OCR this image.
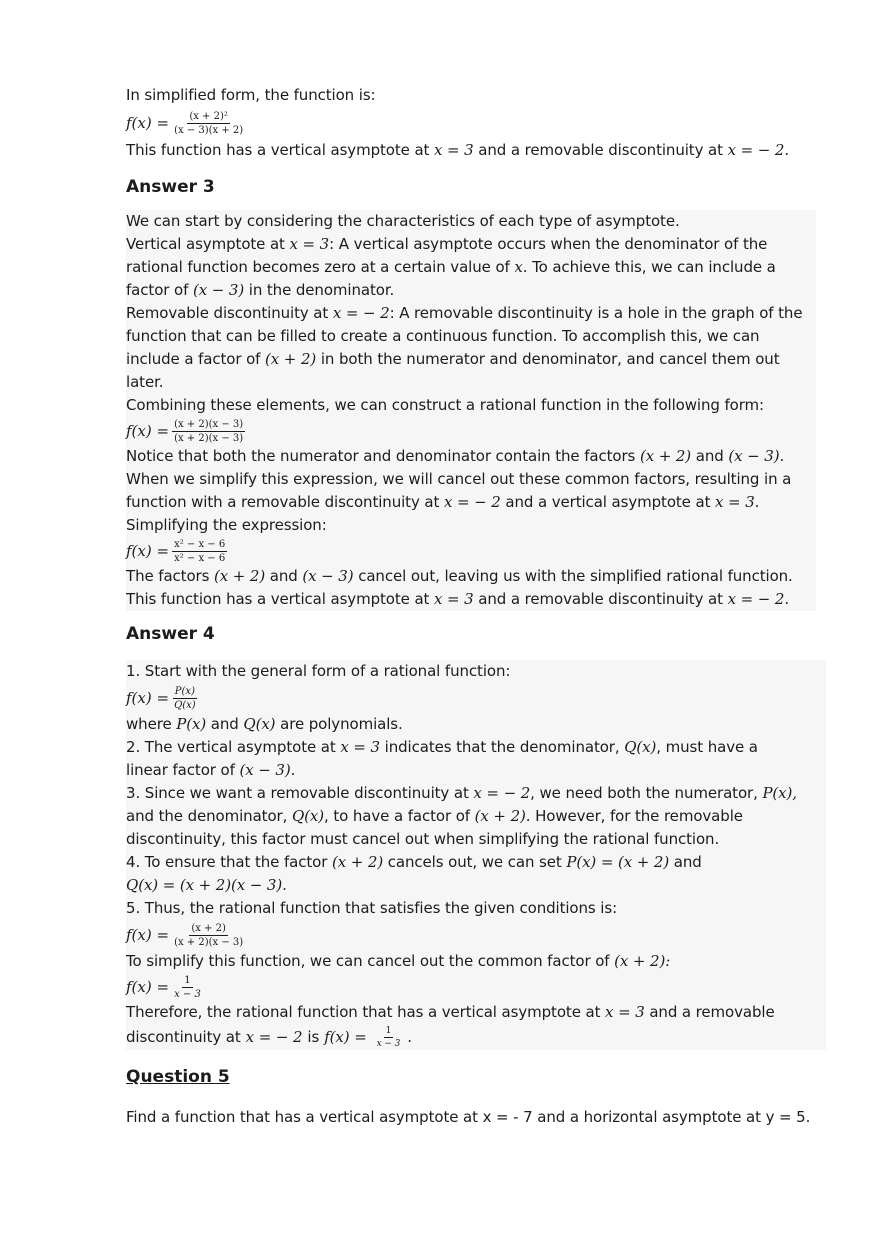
In simplified form, the function is:
$f(x) = \frac{\text{(x + 2)²}}{(x - 3)(x + 2)}$
This function has a vertical asymptote at x = 3 and a removable discontinuity at x = − 2.
Answer 3
We can start by considering the characteristics of each type of asymptote.
Vertical asymptote at x = 3: A vertical asymptote occurs when the denominator of the
rational function becomes zero at a certain value of x. To achieve this, we can include a
factor of (x − 3) in the denominator.
Removable discontinuity at x = − 2: A removable discontinuity is a hole in the graph of the
function that can be filled to create a continuous function. To accomplish this, we can
include a factor of (x + 2) in both the numerator and denominator, and cancel them out
later.
Combining these elements, we can construct a rational function in the following form:
$f(x) = \frac{(x + 2)(x - 3)}{(x + 2)(x - 3)}$
Notice that both the numerator and denominator contain the factors (x + 2) and (x − 3).
When we simplify this expression, we will cancel out these common factors, resulting in a
function with a removable discontinuity at x = − 2 and a vertical asymptote at x = 3.
Simplifying the expression:
$f(x) = \frac{\text{x² − x − 6}}{\text{x² − x − 6}}$
The factors (x + 2) and (x − 3) cancel out, leaving us with the simplified rational function.
This function has a vertical asymptote at x = 3 and a removable discontinuity at x = − 2.
Answer 4
1. Start with the general form of a rational function:
$f(x) = \frac{P(x)}{Q(x)}$
where P(x) and Q(x) are polynomials.
2. The vertical asymptote at x = 3 indicates that the denominator, Q(x), must have a
linear factor of (x − 3).
3. Since we want a removable discontinuity at x = − 2, we need both the numerator, P(x),
and the denominator, Q(x), to have a factor of (x + 2). However, for the removable
discontinuity, this factor must cancel out when simplifying the rational function.
4. To ensure that the factor (x + 2) cancels out, we can set P(x) = (x + 2) and
Q(x) = (x + 2)(x − 3).
5. Thus, the rational function that satisfies the given conditions is:
$f(x) = \frac{(x + 2)}{(x + 2)(x - 3)}$
To simplify this function, we can cancel out the common factor of (x + 2):
$f(x) = \frac{1}{x - 3}$
Therefore, the rational function that has a vertical asymptote at x = 3 and a removable
discontinuity at x = − 2 is $f(x) = \frac{1}{x - 3}$ .
Question 5
Find a function that has a vertical asymptote at x = - 7 and a horizontal asymptote at y = 5.
